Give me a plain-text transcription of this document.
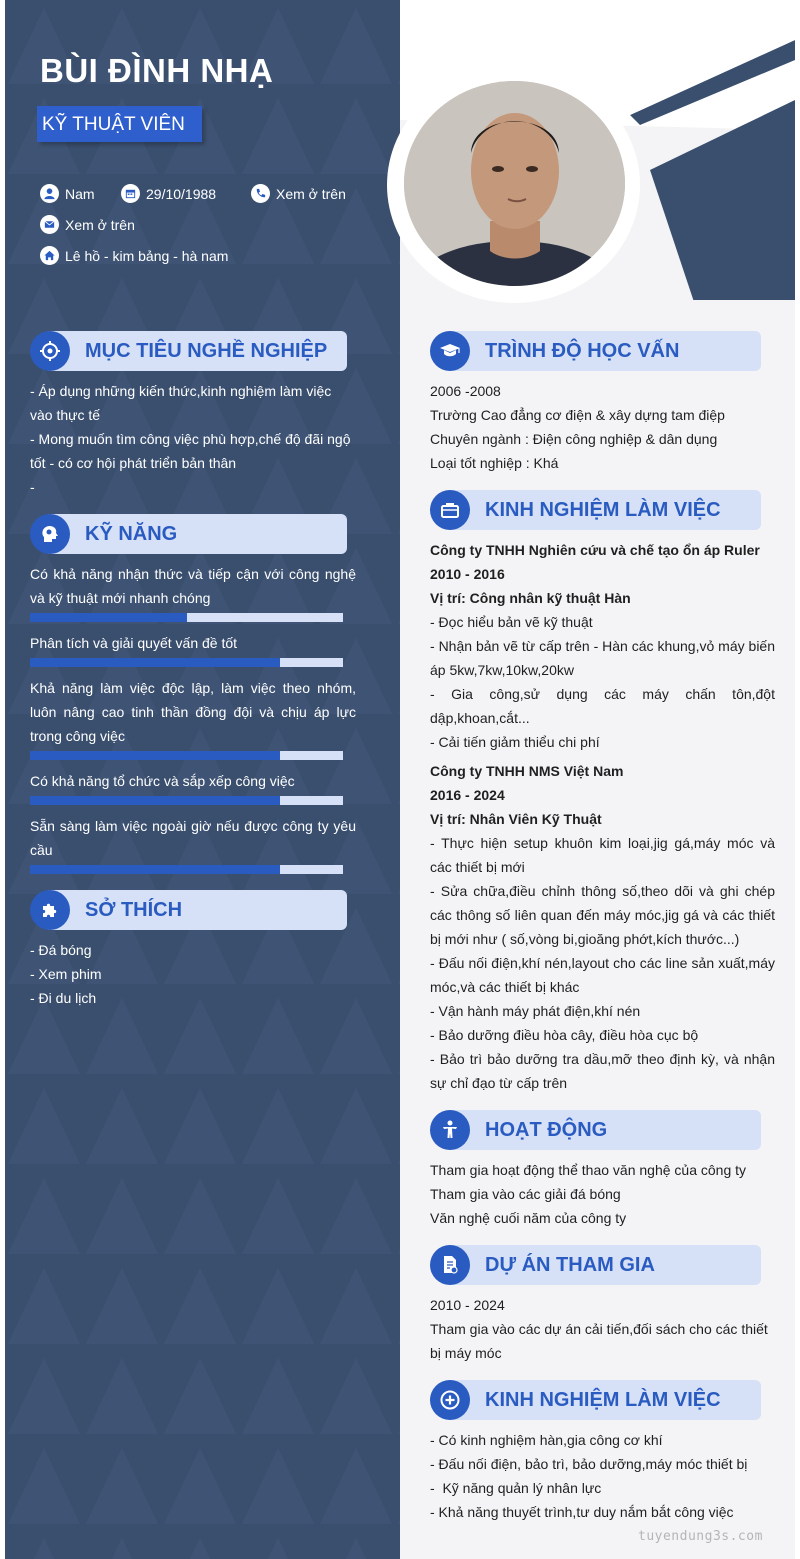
BÙI ĐÌNH NHẠ
KỸ THUẬT VIÊN
Nam	29/10/1988	Xem ở trên
Xem ở trên
Lê hồ - kim bảng - hà nam
MỤC TIÊU NGHỀ NGHIỆP
- Áp dụng những kiến thức,kinh nghiệm làm việc vào thực tế
- Mong muốn tìm công việc phù hợp,chế độ đãi ngộ tốt - có cơ hội phát triển bản thân
-
KỸ NĂNG
Có khả năng nhận thức và tiếp cận với công nghệ và kỹ thuật mới nhanh chóng
Phân tích và giải quyết vấn đề tốt
Khả năng làm việc độc lập, làm việc theo nhóm, luôn nâng cao tinh thần đồng đội và chịu áp lực trong công việc
Có khả năng tổ chức và sắp xếp công việc
Sẵn sàng làm việc ngoài giờ nếu được công ty yêu cầu
SỞ THÍCH
- Đá bóng
- Xem phim
- Đi du lịch
TRÌNH ĐỘ HỌC VẤN
2006 -2008
Trường Cao đẳng cơ điện & xây dựng tam điệp
Chuyên ngành : Điện công nghiệp & dân dụng
Loại tốt nghiệp : Khá
KINH NGHIỆM LÀM VIỆC
Công ty TNHH Nghiên cứu và chế tạo ổn áp Ruler
2010 - 2016
Vị trí: Công nhân kỹ thuật Hàn
- Đọc hiểu bản vẽ kỹ thuật
- Nhận bản vẽ từ cấp trên - Hàn các khung,vỏ máy biến áp 5kw,7kw,10kw,20kw
- Gia công,sử dụng các máy chấn tôn,đột dập,khoan,cắt...
- Cải tiến giảm thiểu chi phí
Công ty TNHH NMS Việt Nam
2016 - 2024
Vị trí: Nhân Viên Kỹ Thuật
- Thực hiện setup khuôn kim loại,jig gá,máy móc và các thiết bị mới
- Sửa chữa,điều chỉnh thông số,theo dõi và ghi chép các thông số liên quan đến máy móc,jig gá và các thiết bị mới như ( số,vòng bi,gioăng phớt,kích thước...)
- Đấu nối điện,khí nén,layout cho các line sản xuất,máy móc,và các thiết bị khác
- Vận hành máy phát điện,khí nén
- Bảo dưỡng điều hòa cây, điều hòa cục bộ
- Bảo trì bảo dưỡng tra dầu,mỡ theo định kỳ, và nhận sự chỉ đạo từ cấp trên
HOẠT ĐỘNG
Tham gia hoạt động thể thao văn nghệ của công ty
Tham gia vào các giải đá bóng
Văn nghệ cuối năm của công ty
DỰ ÁN THAM GIA
2010 - 2024
Tham gia vào các dự án cải tiến,đối sách cho các thiết bị máy móc
KINH NGHIỆM LÀM VIỆC
- Có kinh nghiệm hàn,gia công cơ khí
- Đấu nối điện, bảo trì, bảo dưỡng,máy móc thiết bị
-  Kỹ năng quản lý nhân lực
- Khả năng thuyết trình,tư duy nắm bắt công việc
tuyendung3s.com
